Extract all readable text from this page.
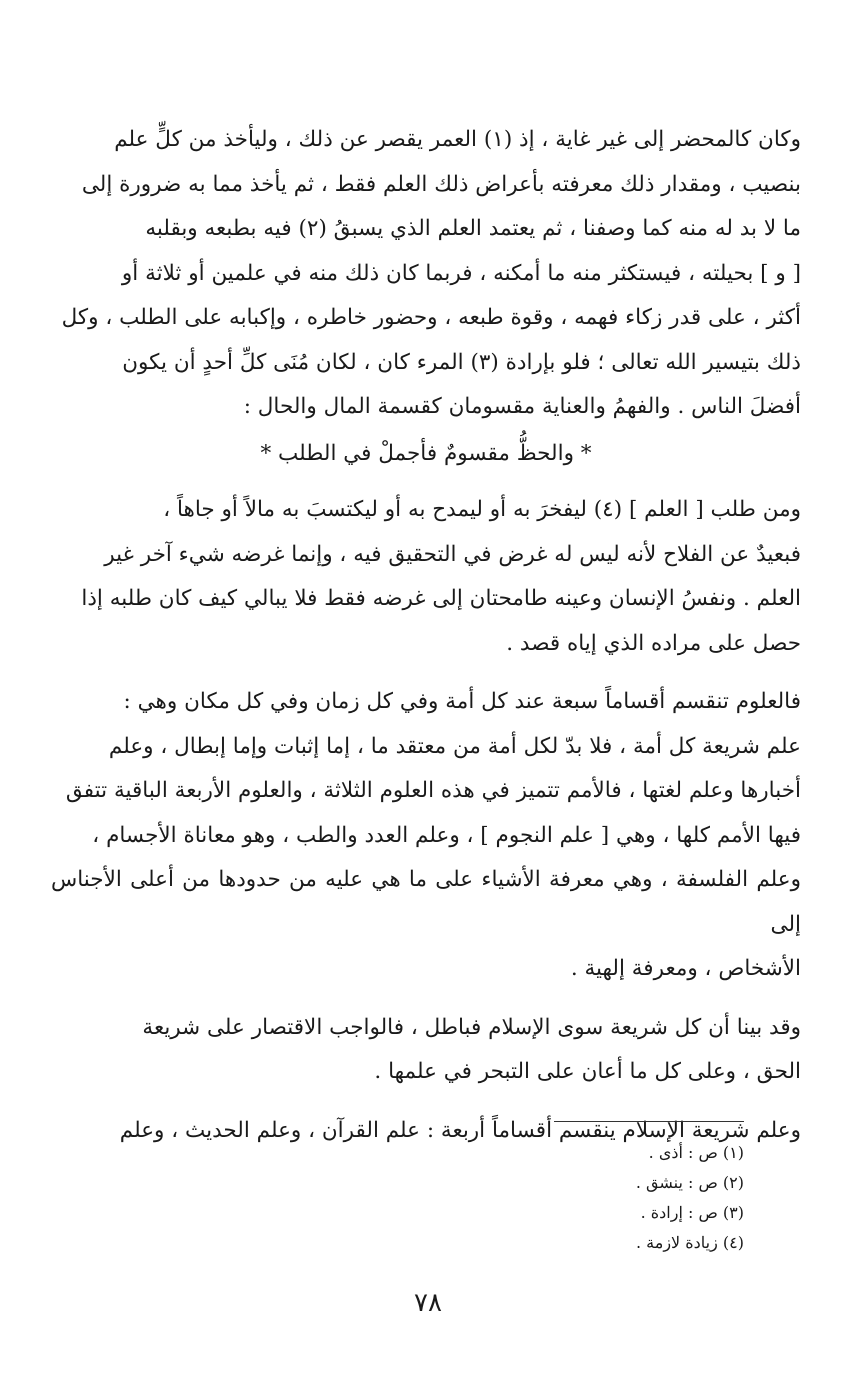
وكان كالمحضر إلى غير غاية ، إذ (١) العمر يقصر عن ذلك ، وليأخذ من كلٍّ علم
بنصيب ، ومقدار ذلك معرفته بأعراض ذلك العلم فقط ، ثم يأخذ مما به ضرورة إلى
ما لا بد له منه كما وصفنا ، ثم يعتمد العلم الذي يسبقُ (٢) فيه بطبعه وبقلبه
[ و ] بحيلته ، فيستكثر منه ما أمكنه ، فربما كان ذلك منه في علمين أو ثلاثة أو
أكثر ، على قدر زكاء فهمه ، وقوة طبعه ، وحضور خاطره ، وإكبابه على الطلب ، وكل
ذلك بتيسير الله تعالى ؛ فلو بإرادة (٣) المرء كان ، لكان مُنَى كلِّ أحدٍ أن يكون
أفضلَ الناس . والفهمُ والعناية مقسومان كقسمة المال والحال :

* والحظُّ مقسومٌ فأجملْ في الطلب *

ومن طلب [ العلم ] (٤) ليفخرَ به أو ليمدح به أو ليكتسبَ به مالاً أو جاهاً ،
فبعيدٌ عن الفلاح لأنه ليس له غرض في التحقيق فيه ، وإنما غرضه شيء آخر غير
العلم . ونفسُ الإنسان وعينه طامحتان إلى غرضه فقط فلا يبالي كيف كان طلبه إذا
حصل على مراده الذي إياه قصد .

فالعلوم تنقسم أقساماً سبعة عند كل أمة وفي كل زمان وفي كل مكان وهي :
علم شريعة كل أمة ، فلا بدّ لكل أمة من معتقد ما ، إما إثبات وإما إبطال ، وعلم
أخبارها وعلم لغتها ، فالأمم تتميز في هذه العلوم الثلاثة ، والعلوم الأربعة الباقية تتفق
فيها الأمم كلها ، وهي [ علم النجوم ] ، وعلم العدد والطب ، وهو معاناة الأجسام ،
وعلم الفلسفة ، وهي معرفة الأشياء على ما هي عليه من حدودها من أعلى الأجناس إلى
الأشخاص ، ومعرفة إلهية .

وقد بينا أن كل شريعة سوى الإسلام فباطل ، فالواجب الاقتصار على شريعة
الحق ، وعلى كل ما أعان على التبحر في علمها .

وعلم شريعة الإسلام ينقسم أقساماً أربعة : علم القرآن ، وعلم الحديث ، وعلم

(١) ص : أذى .
(٢) ص : ينشق .
(٣) ص : إرادة .
(٤) زيادة لازمة .
٧٨
